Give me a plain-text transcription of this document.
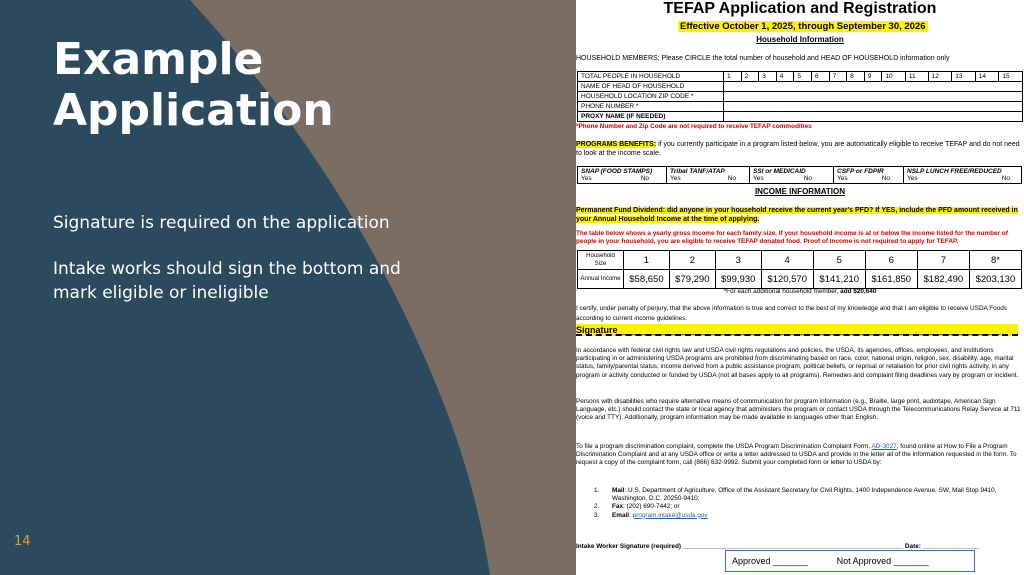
Example
Application
Signature is required on the application
Intake works should sign the bottom and
mark eligible or ineligible
14
TEFAP Application and Registration
Effective October 1, 2025, through September 30, 2026
Household Information
HOUSEHOLD MEMBERS; Please CIRCLE the total number of household and HEAD OF HOUSEHOLD information only
TOTAL PEOPLE IN HOUSEHOLD	1	2	3	4	5	6	7	8	9	10	11	12	13	14	15
NAME OF HEAD OF HOUSEHOLD															
HOUSEHOLD LOCATION ZIP CODE *															
PHONE NUMBER *															
PROXY NAME (IF NEEDED)															
*Phone Number and Zip Code are not required to receive TEFAP commodities
PROGRAMS BENEFITS: if you currently participate in a program listed below, you are automatically eligible to receive TEFAP and do not need to look at the income scale.
SNAP (FOOD STAMPS)
Yes	No
	Tribal TANF/ATAP
Yes	No
	SSI or MEDICAID
Yes	No
	CSFP or FDPIR
Yes	No
	NSLP LUNCH FREE/REDUCED
Yes	No
INCOME INFORMATION
Permanent Fund Dividend: did anyone in your household receive the current year's PFD? If YES, include the PFD amount received in your Annual Household Income at the time of applying.
The table below shows a yearly gross income for each family size. If your household income is at or below the income listed for the number of people in your household, you are eligible to receive TEFAP donated food. Proof of income is not required to apply for TEFAP.
Household Size	1	2	3	4	5	6	7	8*
Annual Income	$58,650	$79,290	$99,930	$120,570	$141,210	$161,850	$182,490	$203,130
*For each additional household member, add $20,640
I certify, under penalty of perjury, that the above information is true and correct to the best of my knowledge and that I am eligible to receive USDA Foods according to current income guidelines.
Signature ____________________________________________________________________________
In accordance with federal civil rights law and USDA civil rights regulations and policies, the USDA, its agencies, offices, employees, and institutions participating in or administering USDA programs are prohibited from discriminating based on race, color, national origin, religion, sex, disability, age, marital status, family/parental status, income derived from a public assistance program, political beliefs, or reprisal or retaliation for prior civil rights activity, in any program or activity conducted or funded by USDA (not all bases apply to all programs). Remedies and complaint filing deadlines vary by program or incident.
Persons with disabilities who require alternative means of communication for program information (e.g., Braille, large print, audiotape, American Sign Language, etc.) should contact the state or local agency that administers the program or contact USDA through the Telecommunications Relay Service at 711 (voice and TTY). Additionally, program information may be made available in languages other than English.
To file a program discrimination complaint, complete the USDA Program Discrimination Complaint Form, AD-3027, found online at How to File a Program Discrimination Complaint and at any USDA office or write a letter addressed to USDA and provide in the letter all of the information requested in the form. To request a copy of the complaint form, call (866) 632-9992. Submit your completed form or letter to USDA by:
1.	Mail: U.S. Department of Agriculture, Office of the Assistant Secretary for Civil Rights, 1400 Independence Avenue, SW, Mail Stop 9410, Washington, D.C. 20250-9410;
2.	Fax: (202) 690-7442; or
3.	Email: program.intake@usda.gov
Intake Worker Signature (required) ______________________________________________________________ Date: ________________
Approved _______	Not Approved _______
